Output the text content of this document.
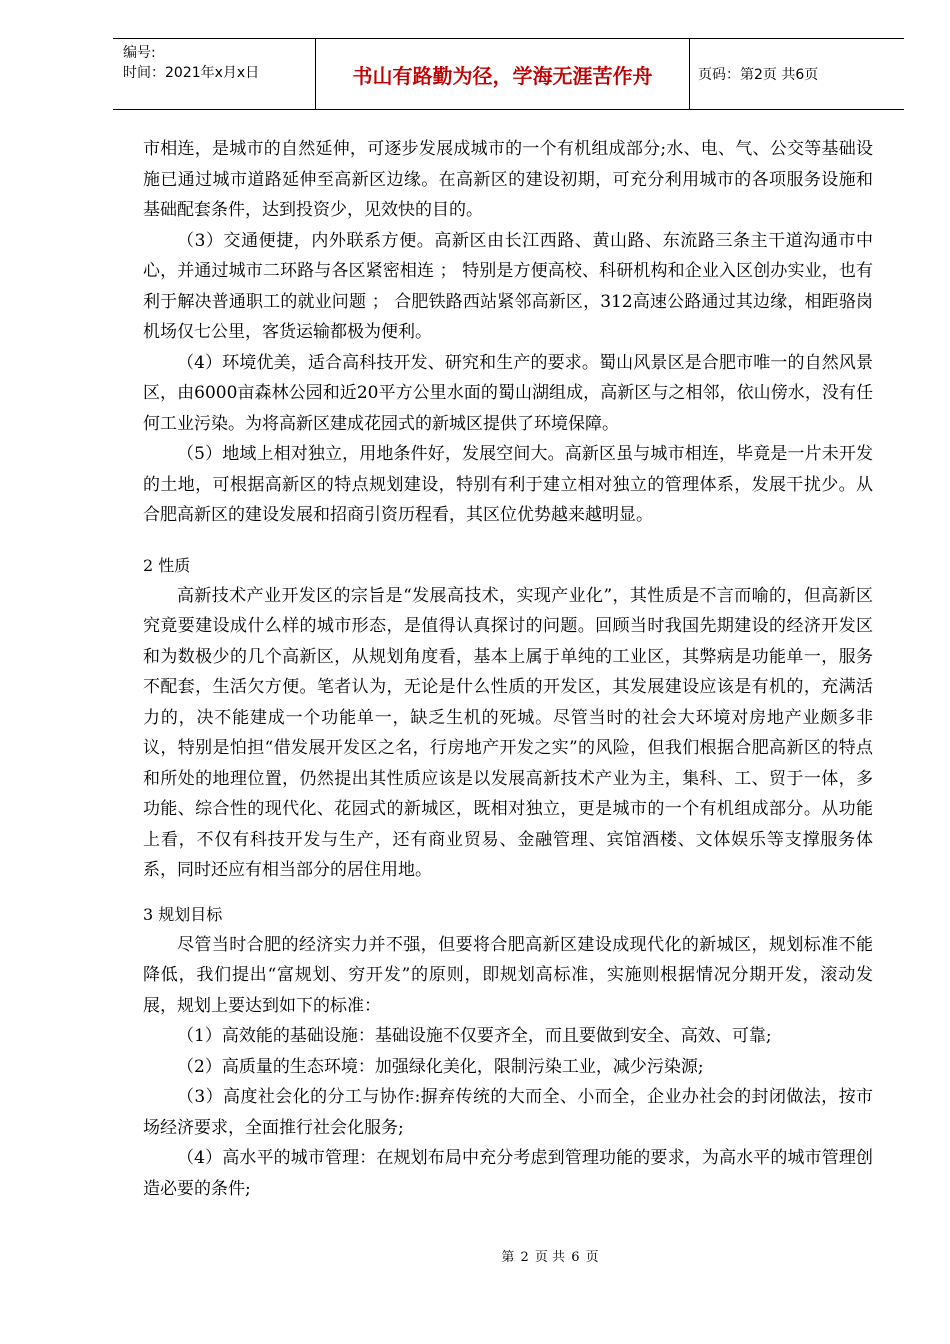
编号:
时间：2021年x月x日	书山有路勤为径，学海无涯苦作舟	页码：第2页 共6页

市相连，是城市的自然延伸，可逐步发展成城市的一个有机组成部分;水、电、气、公交等基础设施已通过城市道路延伸至高新区边缘。在高新区的建设初期，可充分利用城市的各项服务设施和基础配套条件，达到投资少，见效快的目的。

（3）交通便捷，内外联系方便。高新区由长江西路、黄山路、东流路三条主干道沟通市中心，并通过城市二环路与各区紧密相连 ； 特别是方便高校、科研机构和企业入区创办实业，也有利于解决普通职工的就业问题 ； 合肥铁路西站紧邻高新区，312高速公路通过其边缘，相距骆岗机场仅七公里，客货运输都极为便利。

（4）环境优美，适合高科技开发、研究和生产的要求。蜀山风景区是合肥市唯一的自然风景区，由6000亩森林公园和近20平方公里水面的蜀山湖组成，高新区与之相邻，依山傍水，没有任何工业污染。为将高新区建成花园式的新城区提供了环境保障。

（5）地域上相对独立，用地条件好，发展空间大。高新区虽与城市相连，毕竟是一片未开发的土地，可根据高新区的特点规划建设，特别有利于建立相对独立的管理体系，发展干扰少。从合肥高新区的建设发展和招商引资历程看，其区位优势越来越明显。

2 性质

高新技术产业开发区的宗旨是“发展高技术，实现产业化”，其性质是不言而喻的，但高新区究竟要建设成什么样的城市形态，是值得认真探讨的问题。回顾当时我国先期建设的经济开发区和为数极少的几个高新区，从规划角度看，基本上属于单纯的工业区，其弊病是功能单一，服务不配套，生活欠方便。笔者认为，无论是什么性质的开发区，其发展建设应该是有机的，充满活力的，决不能建成一个功能单一，缺乏生机的死城。尽管当时的社会大环境对房地产业颇多非议，特别是怕担“借发展开发区之名，行房地产开发之实”的风险，但我们根据合肥高新区的特点和所处的地理位置，仍然提出其性质应该是以发展高新技术产业为主，集科、工、贸于一体，多功能、综合性的现代化、花园式的新城区，既相对独立，更是城市的一个有机组成部分。从功能上看，不仅有科技开发与生产，还有商业贸易、金融管理、宾馆酒楼、文体娱乐等支撑服务体系，同时还应有相当部分的居住用地。

3 规划目标

尽管当时合肥的经济实力并不强，但要将合肥高新区建设成现代化的新城区，规划标准不能降低，我们提出“富规划、穷开发”的原则，即规划高标准，实施则根据情况分期开发，滚动发展，规划上要达到如下的标准：

（1）高效能的基础设施：基础设施不仅要齐全，而且要做到安全、高效、可靠;

（2）高质量的生态环境：加强绿化美化，限制污染工业，减少污染源;

（3）高度社会化的分工与协作:摒弃传统的大而全、小而全，企业办社会的封闭做法，按市场经济要求，全面推行社会化服务;

（4）高水平的城市管理：在规划布局中充分考虑到管理功能的要求，为高水平的城市管理创造必要的条件;

第 2 页 共 6 页
